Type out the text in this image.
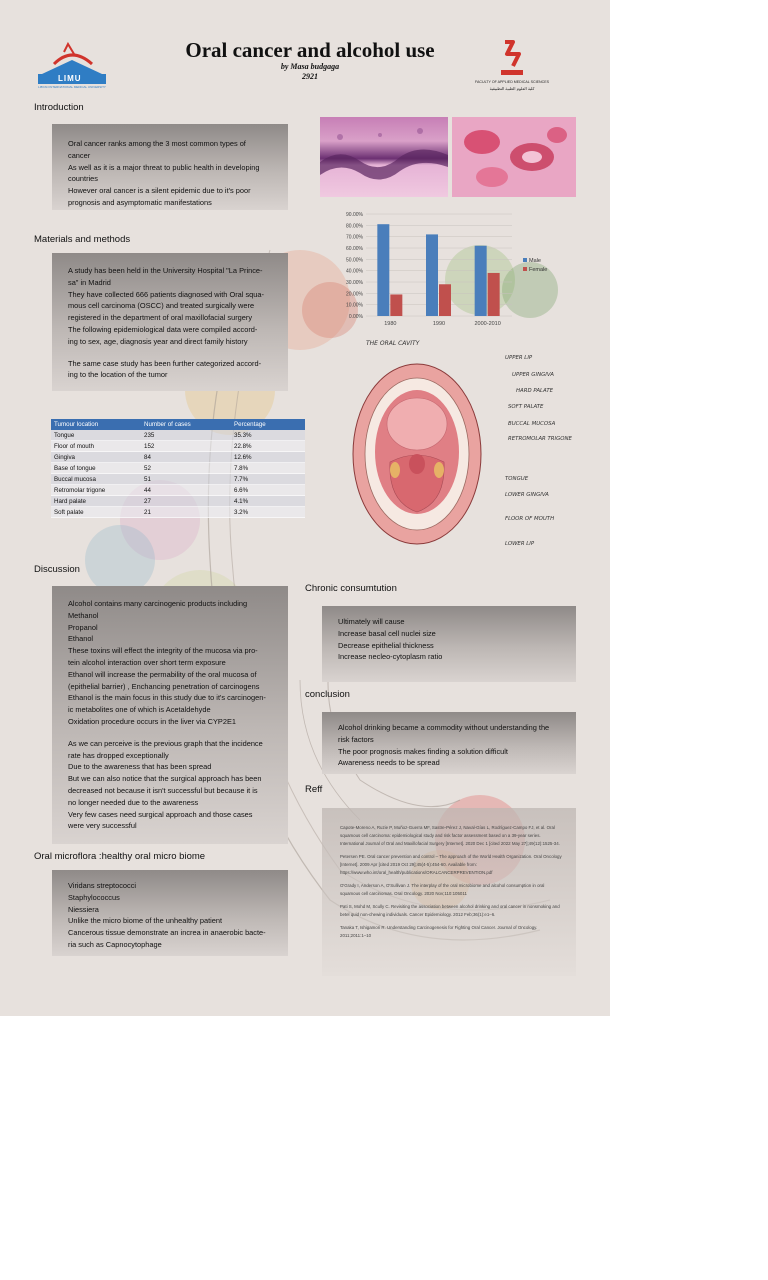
LIMU
LIBYAN INTERNATIONAL MEDICAL UNIVERSITY
FACULTY OF APPLIED MEDICAL SCIENCES
كلية العلوم الطبية التطبيقية
Oral cancer and alcohol use
by Masa budgaga
2921
Introduction

Oral cancer ranks among the 3 most common types of

cancer

As well as it is a major threat to public health in developing

countries

However oral cancer is a silent epidemic due to it's poor

prognosis and asymptomatic manifestations

0.00%
10.00%
20.00%
30.00%
40.00%
50.00%
60.00%
70.00%
80.00%
90.00%
1980	1990	2000-2010
Male
Female
THE ORAL CAVITY
UPPER LIP
UPPER GINGIVA
HARD PALATE
SOFT PALATE
BUCCAL MUCOSA
RETROMOLAR TRIGONE
TONGUE
LOWER GINGIVA
FLOOR OF MOUTH
LOWER LIP
Materials and methods

A study has been held in the University Hospital "La Prince-

sa" in Madrid

They have collected 666 patients diagnosed with Oral squa-

mous cell carcinoma (OSCC) and treated surgically were

registered in the department of oral maxillofacial surgery

The following epidemiological data were compiled accord-

ing to sex, age, diagnosis year and direct family history

The same case study has been further categorized accord-

ing to the location of the tumor

Tumour location	Number of cases	Percentage
Tongue	235	35.3%
Floor of mouth	152	22.8%
Gingiva	84	12.6%
Base of tongue	52	7.8%
Buccal mucosa	51	7.7%
Retromolar trigone	44	6.6%
Hard palate	27	4.1%
Soft palate	21	3.2%
Discussion

Alcohol contains many carcinogenic products including

Methanol

Propanol

Ethanol

These toxins will effect the integrity of the mucosa via pro-

tein alcohol interaction over short term exposure

Ethanol will increase the permability of the oral mucosa of

(epithelial barrier) , Enchancing penetration of carcinogens

Ethanol is the main focus in this study due to it's carcinogen-

ic metabolites one of which is Acetaldehyde

Oxidation procedure occurs in the liver via CYP2E1

As we can perceive is the previous graph that the incidence

rate has dropped exceptionally

Due to the awareness that has been spread

But we can also notice that the surgical approach has been

decreased not because it isn't successful but because it is

no longer needed due to the awareness

Very few cases need surgical approach and those cases

were very successful

Oral microflora :healthy oral micro biome

Viridans streptococci

Staphylococcus

Niessiera

Unlike the micro biome of the unhealthy patient

Cancerous tissue demonstrate an increa in anaerobic bacte-

ria such as Capnocytophage

Chronic consumtution

Ultimately will cause

Increase basal cell nuclei size

Decrease epithelial thickness

Increase necleo-cytoplasm ratio

conclusion

Alcohol drinking became a commodity without understanding the

risk factors

The poor prognosis makes finding a solution difficult

Awareness needs to be spread

Reff

Capote-Moreno A, Ruzie P, Muñoz-Guerra MF, Sastre-Pérez J, Naval-Gías L, Rodríguez-Campo FJ, et al. Oral squamous cell carcinoma: epidemiological study and risk factor assessment based on a 39-year series. International Journal of Oral and Maxillofacial Surgery [Internet]. 2020 Dec 1 [cited 2022 May 27];49(12):1525-34.

Petersen PE. Oral cancer prevention and control – The approach of the World Health Organization. Oral Oncology [Internet]. 2009 Apr [cited 2019 Oct 29];45(4-5):454-60. Available from: https://www.who.int/oral_health/publications/ORALCANCERPREVENTION.pdf

O'Grady I, Anderson A, O'Sullivan J. The interplay of the oral microbiome and alcohol consumption in oral squamous cell carcinomas. Oral Oncology. 2020 Nov;110:105011

Pati S, Mohd M, Scully C. Revisiting the association between alcohol drinking and oral cancer in nonsmoking and betel quid non-chewing individuals. Cancer Epidemiology. 2012 Feb;36(1):e1–6.

Tanaka T, Ishigamori R. Understanding Carcinogenesis for Fighting Oral Cancer. Journal of Oncology. 2011;2011:1–10
